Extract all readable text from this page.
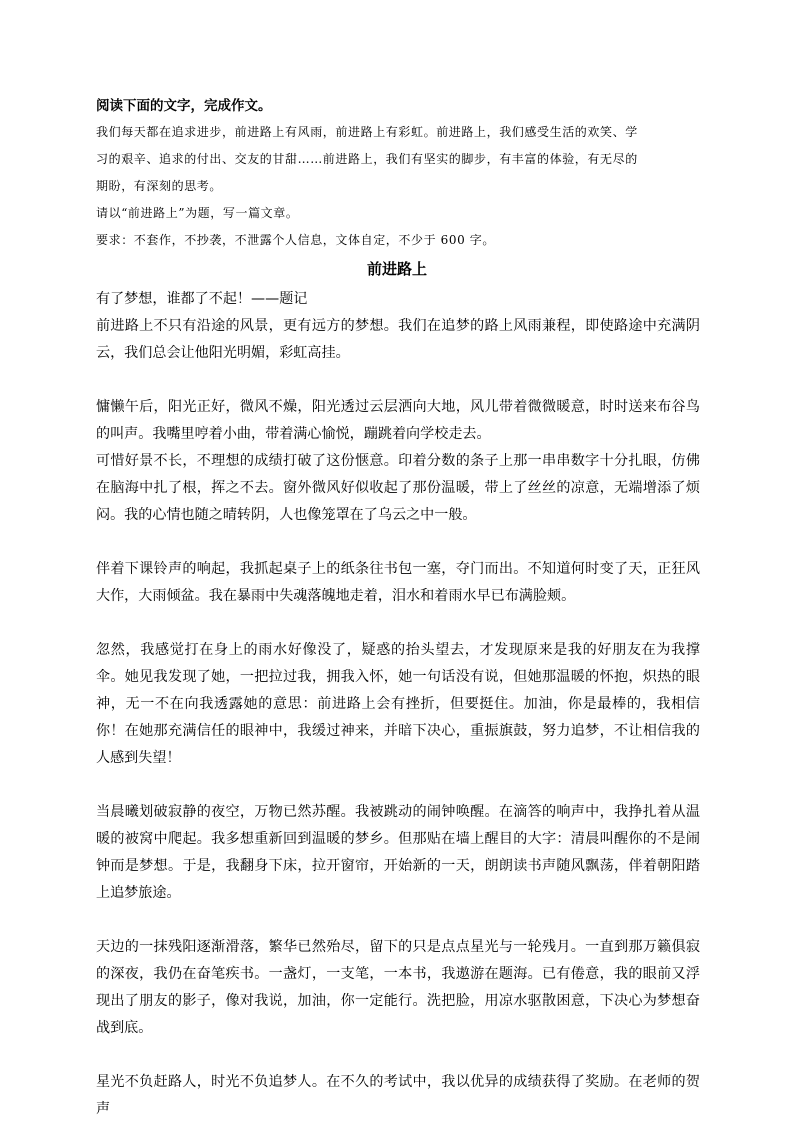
阅读下面的文字，完成作文。

我们每天都在追求进步，前进路上有风雨，前进路上有彩虹。前进路上，我们感受生活的欢笑、学

习的艰辛、追求的付出、交友的甘甜……前进路上，我们有坚实的脚步，有丰富的体验，有无尽的

期盼，有深刻的思考。

请以“前进路上”为题，写一篇文章。

要求：不套作，不抄袭，不泄露个人信息，文体自定，不少于 600 字。

前进路上

有了梦想，谁都了不起！——题记

前进路上不只有沿途的风景，更有远方的梦想。我们在追梦的路上风雨兼程，即使路途中充满阴云，我们总会让他阳光明媚，彩虹高挂。

慵懒午后，阳光正好，微风不燥，阳光透过云层洒向大地，风儿带着微微暖意，时时送来布谷鸟的叫声。我嘴里哼着小曲，带着满心愉悦，蹦跳着向学校走去。

可惜好景不长，不理想的成绩打破了这份惬意。印着分数的条子上那一串串数字十分扎眼，仿佛在脑海中扎了根，挥之不去。窗外微风好似收起了那份温暖，带上了丝丝的凉意，无端增添了烦闷。我的心情也随之晴转阴，人也像笼罩在了乌云之中一般。

伴着下课铃声的响起，我抓起桌子上的纸条往书包一塞，夺门而出。不知道何时变了天，正狂风大作，大雨倾盆。我在暴雨中失魂落魄地走着，泪水和着雨水早已布满脸颊。

忽然，我感觉打在身上的雨水好像没了，疑惑的抬头望去，才发现原来是我的好朋友在为我撑伞。她见我发现了她，一把拉过我，拥我入怀，她一句话没有说，但她那温暖的怀抱，炽热的眼神，无一不在向我透露她的意思：前进路上会有挫折，但要挺住。加油，你是最棒的，我相信你！在她那充满信任的眼神中，我缓过神来，并暗下决心，重振旗鼓，努力追梦，不让相信我的人感到失望！

当晨曦划破寂静的夜空，万物已然苏醒。我被跳动的闹钟唤醒。在滴答的响声中，我挣扎着从温暖的被窝中爬起。我多想重新回到温暖的梦乡。但那贴在墙上醒目的大字：清晨叫醒你的不是闹钟而是梦想。于是，我翻身下床，拉开窗帘，开始新的一天，朗朗读书声随风飘荡，伴着朝阳踏上追梦旅途。

天边的一抹残阳逐渐滑落，繁华已然殆尽，留下的只是点点星光与一轮残月。一直到那万籁俱寂的深夜，我仍在奋笔疾书。一盏灯，一支笔，一本书，我遨游在题海。已有倦意，我的眼前又浮现出了朋友的影子，像对我说，加油，你一定能行。洗把脸，用凉水驱散困意，下决心为梦想奋战到底。

星光不负赶路人，时光不负追梦人。在不久的考试中，我以优异的成绩获得了奖励。在老师的贺声
